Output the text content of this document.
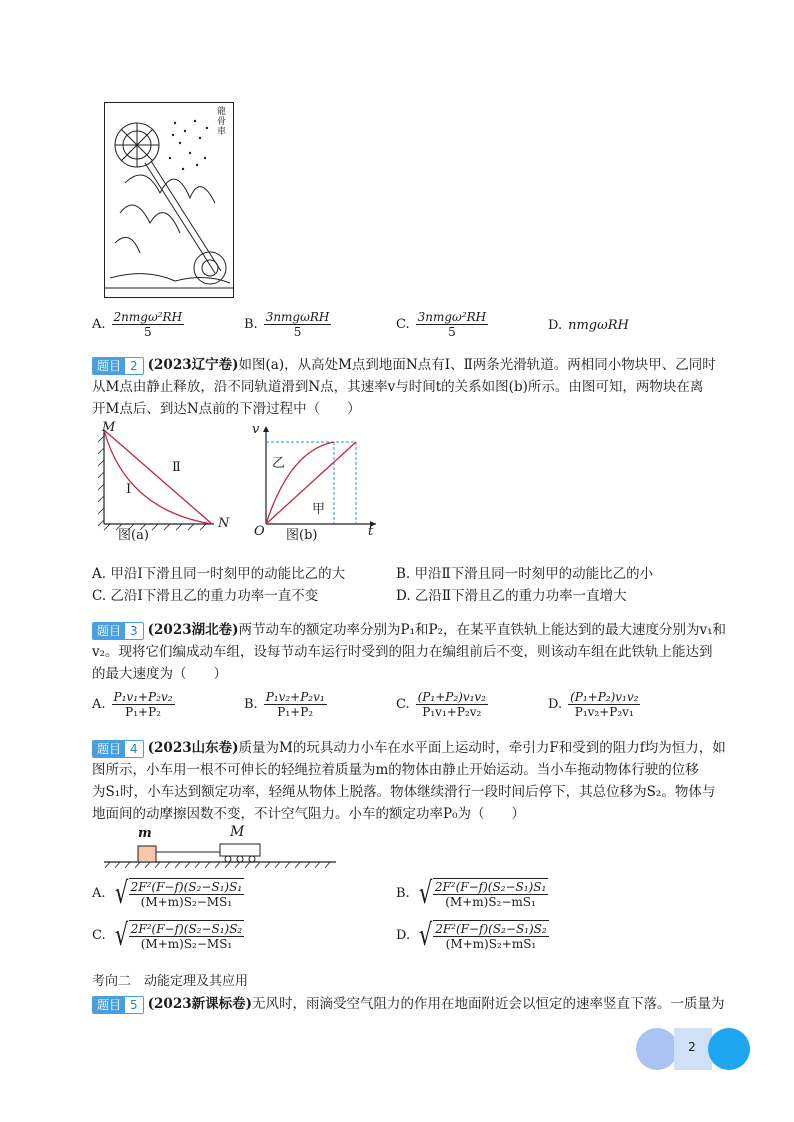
龍骨車
A. $\frac{\text{2nmgω²RH}}{5}$	B. $\frac{\text{3nmgωRH}}{5}$	C. $\frac{\text{3nmgω²RH}}{5}$	D. nmgωRH
题目 2 (2023辽宁卷)如图(a)，从高处M点到地面N点有Ⅰ、Ⅱ两条光滑轨道。两相同小物块甲、乙同时
从M点由静止释放，沿不同轨道滑到N点，其速率v与时间t的关系如图(b)所示。由图可知，两物块在离
开M点后、到达N点前的下滑过程中（　　）
M
N
Ⅰ
Ⅱ
图(a)
v
t
O
乙
甲
图(b)
A. 甲沿Ⅰ下滑且同一时刻甲的动能比乙的大	B. 甲沿Ⅱ下滑且同一时刻甲的动能比乙的小
C. 乙沿Ⅰ下滑且乙的重力功率一直不变	D. 乙沿Ⅱ下滑且乙的重力功率一直增大
题目 3 (2023湖北卷)两节动车的额定功率分别为P₁和P₂，在某平直铁轨上能达到的最大速度分别为v₁和
v₂。现将它们编成动车组，设每节动车运行时受到的阻力在编组前后不变，则该动车组在此铁轨上能达到
的最大速度为（　　）
A. $\frac{\text{P₁v₁+P₂v₂}}{\text{P₁+P₂}}$	B. $\frac{\text{P₁v₂+P₂v₁}}{\text{P₁+P₂}}$	C. $\frac{\text{(P₁+P₂)v₁v₂}}{\text{P₁v₁+P₂v₂}}$	D. $\frac{\text{(P₁+P₂)v₁v₂}}{\text{P₁v₂+P₂v₁}}$
题目 4 (2023山东卷)质量为M的玩具动力小车在水平面上运动时，牵引力F和受到的阻力f均为恒力，如
图所示，小车用一根不可伸长的轻绳拉着质量为m的物体由静止开始运动。当小车拖动物体行驶的位移
为S₁时，小车达到额定功率，轻绳从物体上脱落。物体继续滑行一段时间后停下，其总位移为S₂。物体与
地面间的动摩擦因数不变，不计空气阻力。小车的额定功率P₀为（　　）
m	M
A. √ $\frac{\text{2F²(F−f)(S₂−S₁)S₁}}{\text{(M+m)S₂−MS₁}}$	B. √ $\frac{\text{2F²(F−f)(S₂−S₁)S₁}}{\text{(M+m)S₂−mS₁}}$
C. √ $\frac{\text{2F²(F−f)(S₂−S₁)S₂}}{\text{(M+m)S₂−MS₁}}$	D. √ $\frac{\text{2F²(F−f)(S₂−S₁)S₂}}{\text{(M+m)S₂+mS₁}}$
考向二　动能定理及其应用
题目 5 (2023新课标卷)无风时，雨滴受空气阻力的作用在地面附近会以恒定的速率竖直下落。一质量为
2
